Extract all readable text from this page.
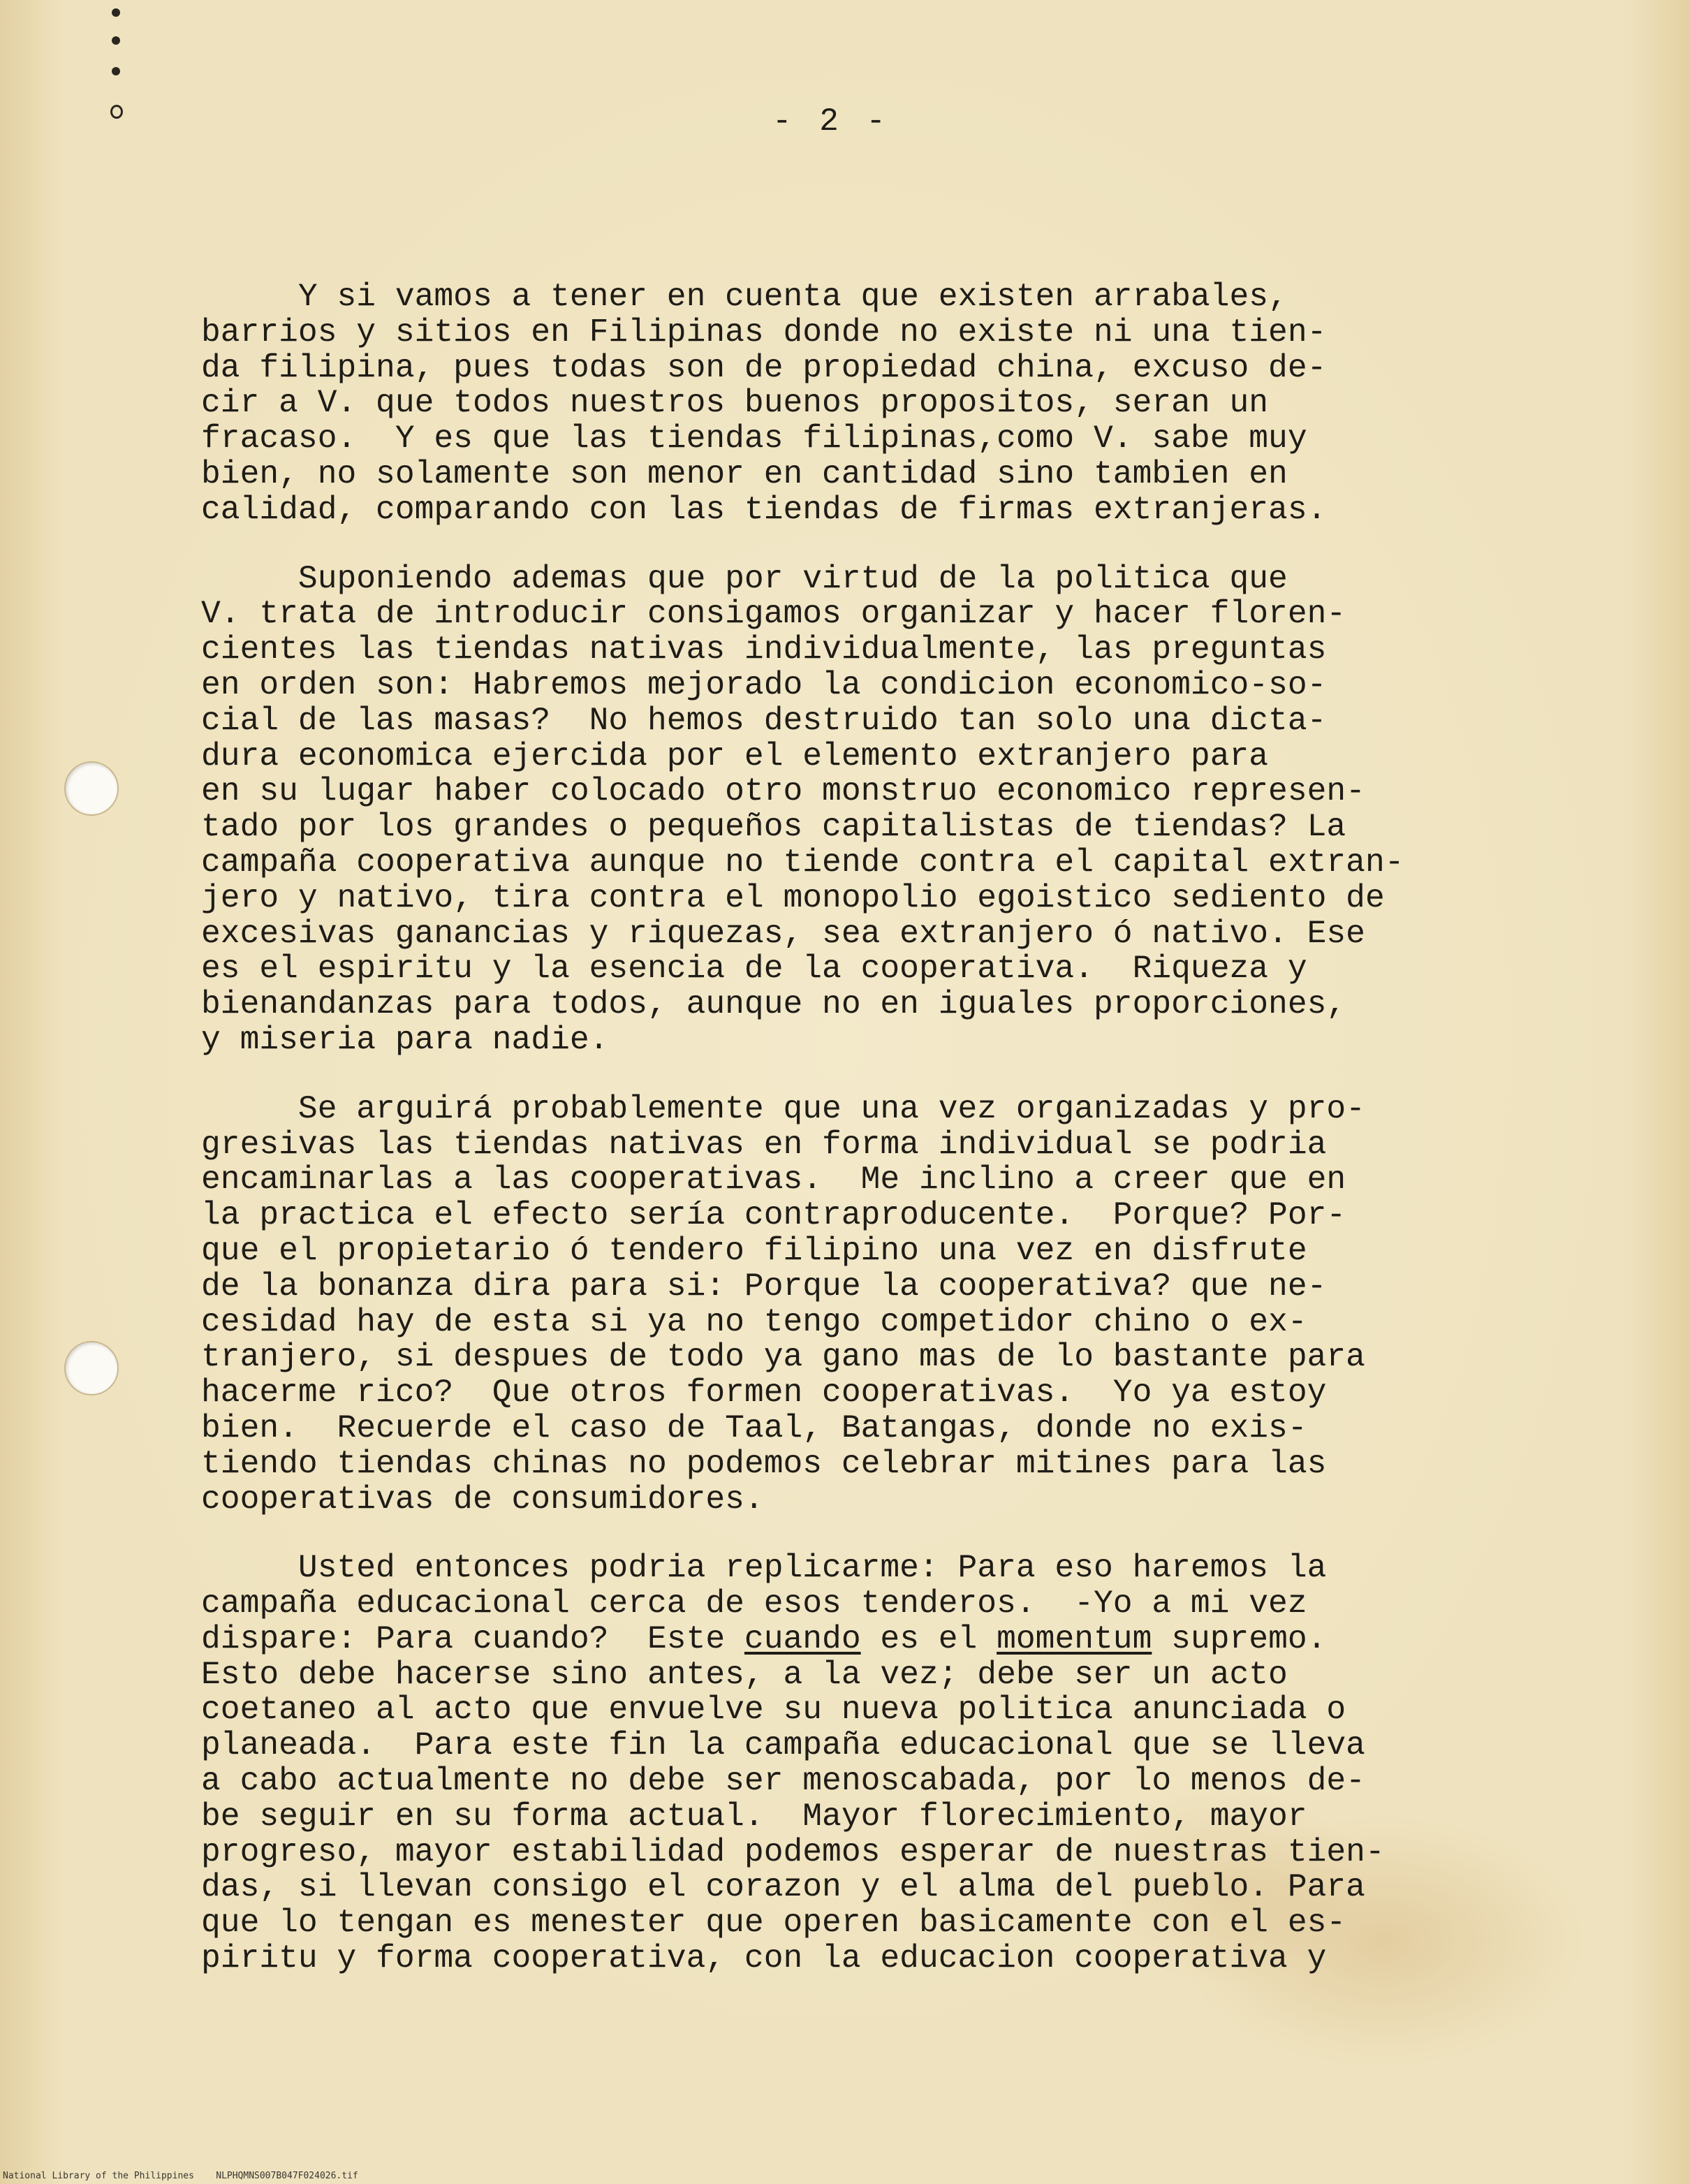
- 2 -
Y si vamos a tener en cuenta que existen arrabales,
barrios y sitios en Filipinas donde no existe ni una tien-
da filipina, pues todas son de propiedad china, excuso de-
cir a V. que todos nuestros buenos propositos, seran un
fracaso.  Y es que las tiendas filipinas,como V. sabe muy
bien, no solamente son menor en cantidad sino tambien en
calidad, comparando con las tiendas de firmas extranjeras.
Suponiendo ademas que por virtud de la politica que
V. trata de introducir consigamos organizar y hacer floren-
cientes las tiendas nativas individualmente, las preguntas
en orden son: Habremos mejorado la condicion economico-so-
cial de las masas?  No hemos destruido tan solo una dicta-
dura economica ejercida por el elemento extranjero para
en su lugar haber colocado otro monstruo economico represen-
tado por los grandes o pequeños capitalistas de tiendas? La
campaña cooperativa aunque no tiende contra el capital extran-
jero y nativo, tira contra el monopolio egoistico sediento de
excesivas ganancias y riquezas, sea extranjero ó nativo. Ese
es el espiritu y la esencia de la cooperativa.  Riqueza y
bienandanzas para todos, aunque no en iguales proporciones,
y miseria para nadie.
Se arguirá probablemente que una vez organizadas y pro-
gresivas las tiendas nativas en forma individual se podria
encaminarlas a las cooperativas.  Me inclino a creer que en
la practica el efecto sería contraproducente.  Porque? Por-
que el propietario ó tendero filipino una vez en disfrute
de la bonanza dira para si: Porque la cooperativa? que ne-
cesidad hay de esta si ya no tengo competidor chino o ex-
tranjero, si despues de todo ya gano mas de lo bastante para
hacerme rico?  Que otros formen cooperativas.  Yo ya estoy
bien.  Recuerde el caso de Taal, Batangas, donde no exis-
tiendo tiendas chinas no podemos celebrar mitines para las
cooperativas de consumidores.
Usted entonces podria replicarme: Para eso haremos la
campaña educacional cerca de esos tenderos.  -Yo a mi vez
dispare: Para cuando?  Este cuando es el momentum supremo.
Esto debe hacerse sino antes, a la vez; debe ser un acto
coetaneo al acto que envuelve su nueva politica anunciada o
planeada.  Para este fin la campaña educacional que se lleva
a cabo actualmente no debe ser menoscabada, por lo menos de-
be seguir en su forma actual.  Mayor florecimiento, mayor
progreso, mayor estabilidad podemos esperar de nuestras tien-
das, si llevan consigo el corazon y el alma del pueblo. Para
que lo tengan es menester que operen basicamente con el es-
piritu y forma cooperativa, con la educacion cooperativa y
National Library of the Philippines    NLPHQMNS007B047F024026.tif
